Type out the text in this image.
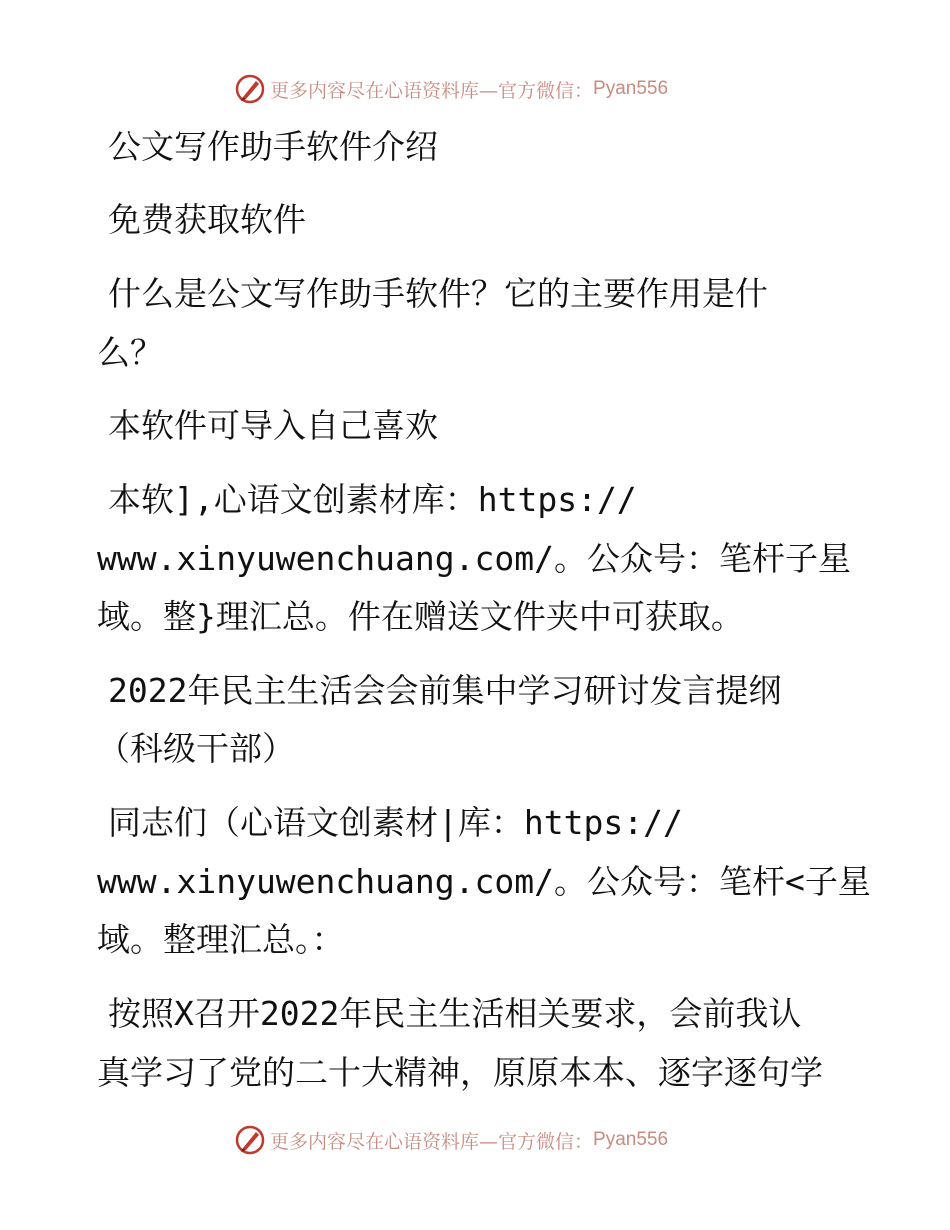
更多内容尽在心语资料库—官方微信： Pyan556
公文写作助手软件介绍
免费获取软件
什么是公文写作助手软件？它的主要作用是什
么？
本软件可导入自己喜欢
本软],心语文创素材库：https://
www.xinyuwenchuang.com/。公众号：笔杆子星
域。整}理汇总。件在赠送文件夹中可获取。
2022年民主生活会会前集中学习研讨发言提纲
（科级干部）
同志们（心语文创素材|库：https://
www.xinyuwenchuang.com/。公众号：笔杆<子星
域。整理汇总。：
按照X召开2022年民主生活相关要求，会前我认
真学习了党的二十大精神，原原本本、逐字逐句学
更多内容尽在心语资料库—官方微信： Pyan556
